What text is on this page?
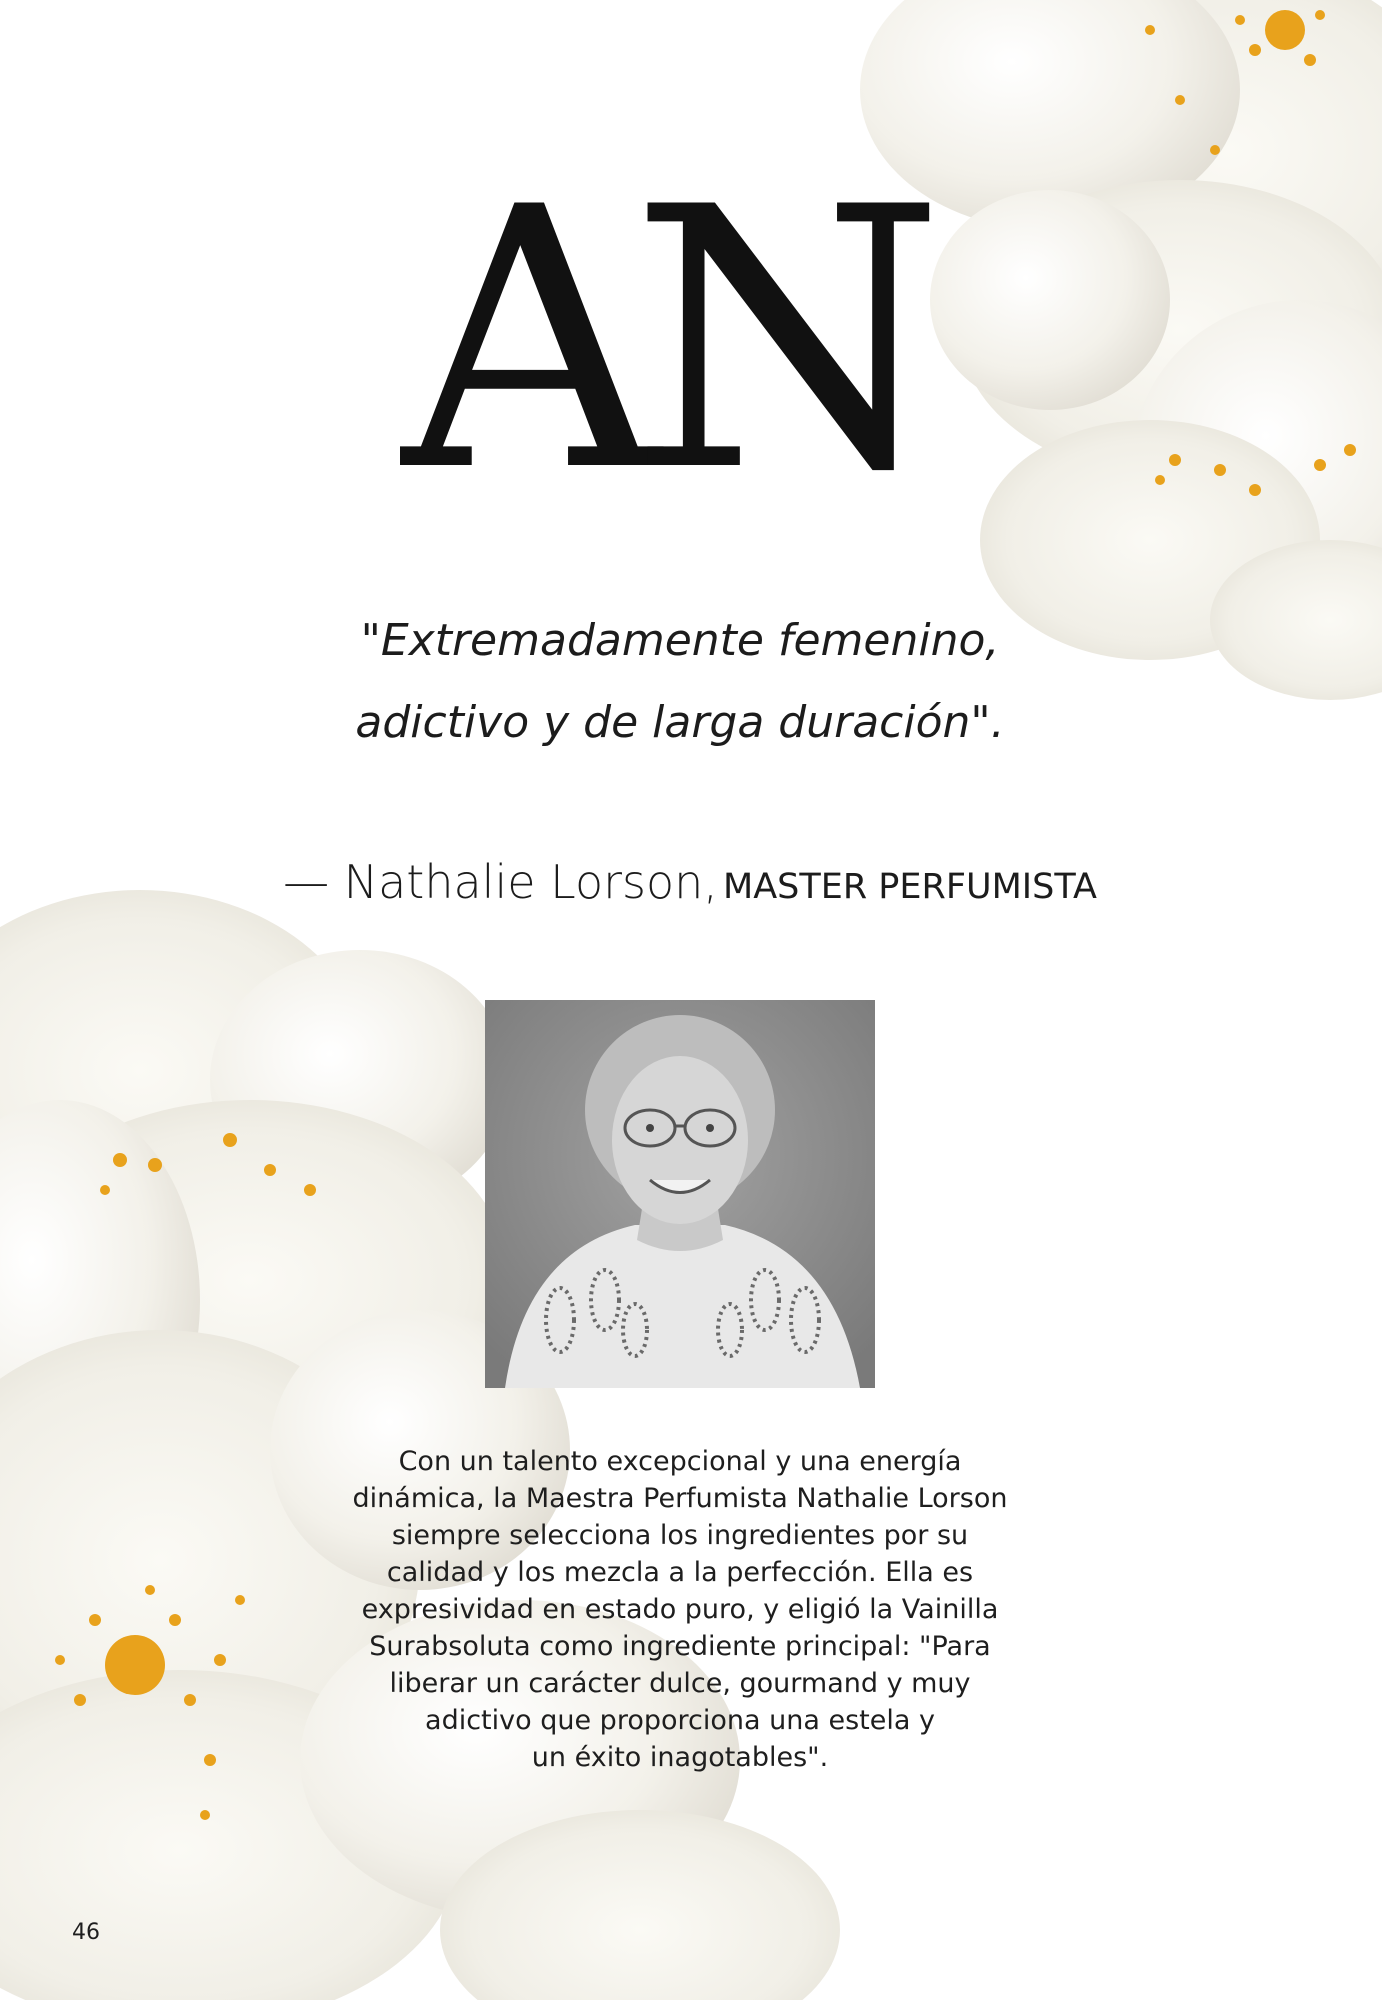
AN
"Extremadamente femenino,
adictivo y de larga duración".
— Nathalie Lorson, MASTER PERFUMISTA
Con un talento excepcional y una energía
dinámica, la Maestra Perfumista Nathalie Lorson
siempre selecciona los ingredientes por su
calidad y los mezcla a la perfección. Ella es
expresividad en estado puro, y eligió la Vainilla
Surabsoluta como ingrediente principal: "Para
liberar un carácter dulce, gourmand y muy
adictivo que proporciona una estela y
un éxito inagotables".
46
